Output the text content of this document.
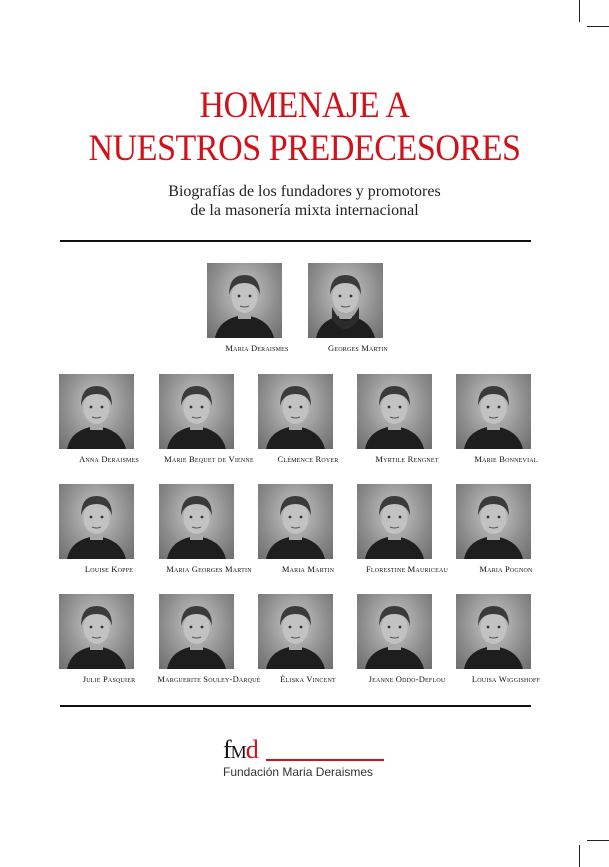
HOMENAJE A
NUESTROS PREDECESORES
Biografías de los fundadores y promotores
de la masonería mixta internacional
Maria Deraismes	Georges Martin
Anna Deraismes	Marie Bequet de Vienne	Clémence Royer	Myrtile Rengnet	Marie Bonnevial
Louise Koppe	Maria Georges Martin	Maria Martin	Florestine Mauriceau	Maria Pognon
Julie Pasquier	Marguerite Souley-Darqué	Éliska Vincent	Jeanne Oddo-Deflou	Louisa Wiggishoff
fMd
Fundación Maria Deraismes
